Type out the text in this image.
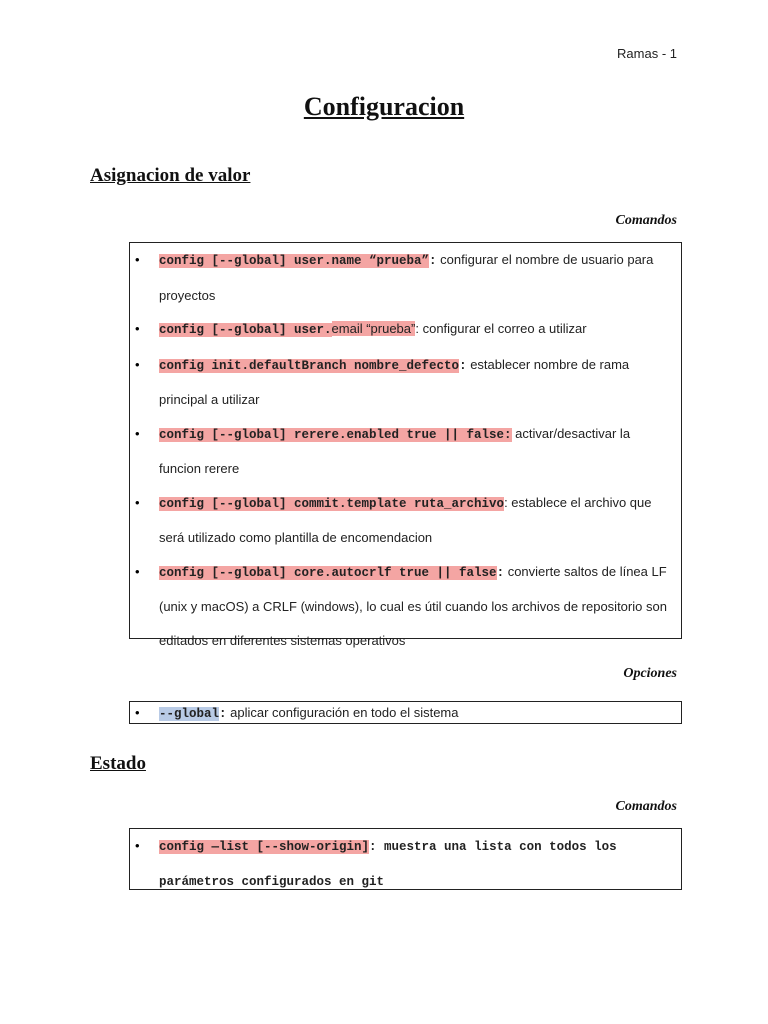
Ramas - 1
Configuracion
Asignacion de valor
Comandos
• config [--global] user.name “prueba”: configurar el nombre de usuario para proyectos
• config [--global] user.email “prueba”: configurar el correo a utilizar
• config init.defaultBranch nombre_defecto: establecer nombre de rama principal a utilizar
• config [--global] rerere.enabled true || false: activar/desactivar la funcion rerere
• config [--global] commit.template ruta_archivo: establece el archivo que será utilizado como plantilla de encomendacion
• config [--global] core.autocrlf true || false: convierte saltos de línea LF (unix y macOS) a CRLF (windows), lo cual es útil cuando los archivos de repositorio son editados en diferentes sistemas operativos
Opciones
• --global: aplicar configuración en todo el sistema
Estado
Comandos
• config —list [--show-origin]: muestra una lista con todos los parámetros configurados en git
